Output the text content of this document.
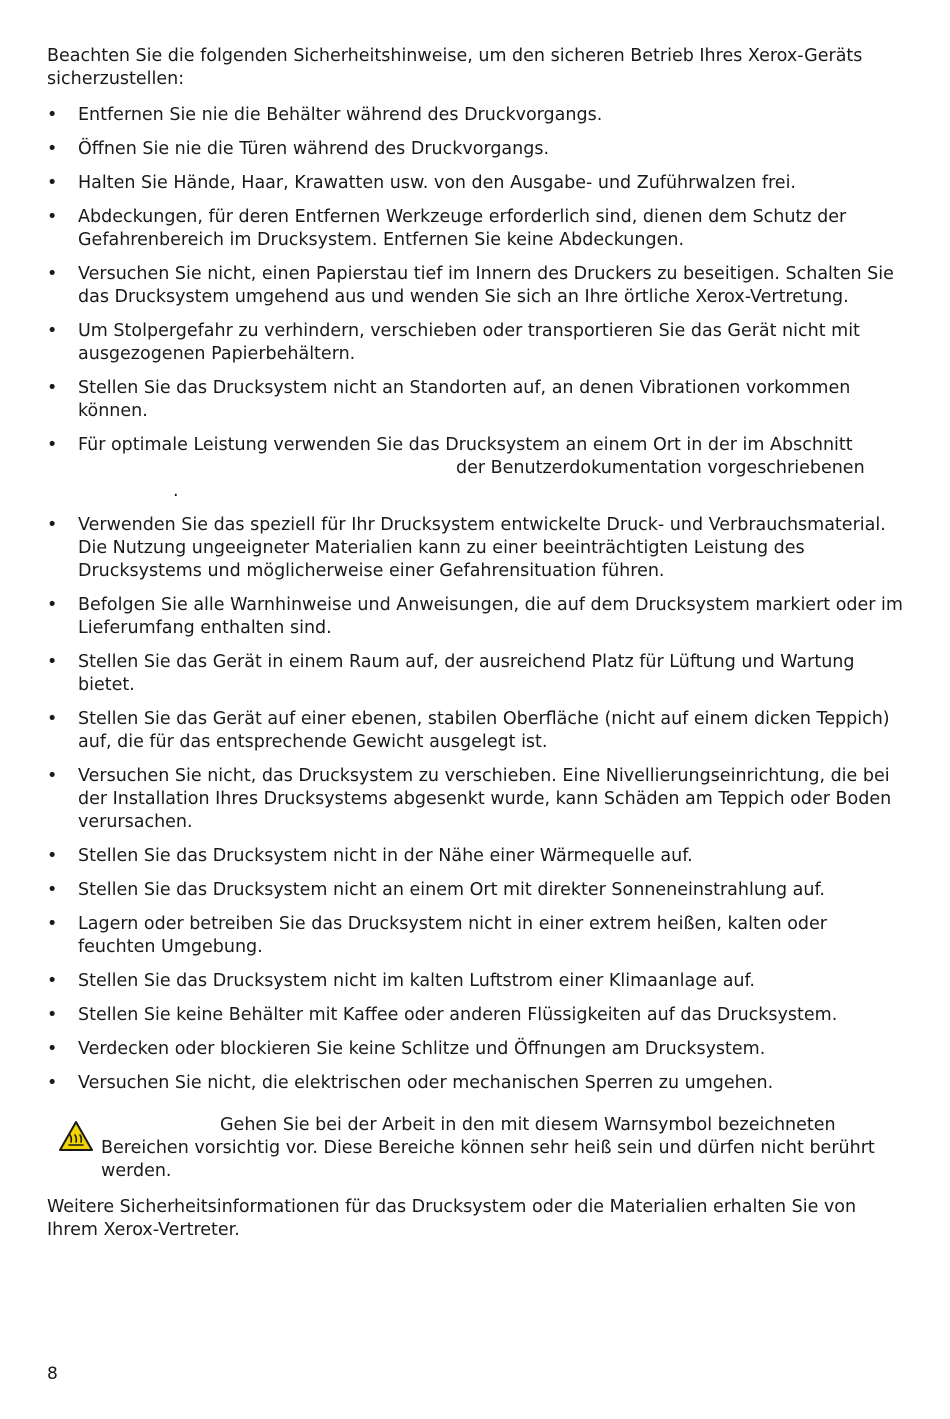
Beachten Sie die folgenden Sicherheitshinweise, um den sicheren Betrieb Ihres Xerox-Geräts sicherzustellen:

• Entfernen Sie nie die Behälter während des Druckvorgangs.
• Öffnen Sie nie die Türen während des Druckvorgangs.
• Halten Sie Hände, Haar, Krawatten usw. von den Ausgabe- und Zuführwalzen frei.
• Abdeckungen, für deren Entfernen Werkzeuge erforderlich sind, dienen dem Schutz der Gefahrenbereich im Drucksystem. Entfernen Sie keine Abdeckungen.
• Versuchen Sie nicht, einen Papierstau tief im Innern des Druckers zu beseitigen. Schalten Sie das Drucksystem umgehend aus und wenden Sie sich an Ihre örtliche Xerox-Vertretung.
• Um Stolpergefahr zu verhindern, verschieben oder transportieren Sie das Gerät nicht mit ausgezogenen Papierbehältern.
• Stellen Sie das Drucksystem nicht an Standorten auf, an denen Vibrationen vorkommen können.
• Für optimale Leistung verwenden Sie das Drucksystem an einem Ort in der im Abschnitt
der Benutzerdokumentation vorgeschriebenen
.
• Verwenden Sie das speziell für Ihr Drucksystem entwickelte Druck- und Verbrauchsmaterial. Die Nutzung ungeeigneter Materialien kann zu einer beeinträchtigten Leistung des Drucksystems und möglicherweise einer Gefahrensituation führen.
• Befolgen Sie alle Warnhinweise und Anweisungen, die auf dem Drucksystem markiert oder im Lieferumfang enthalten sind.
• Stellen Sie das Gerät in einem Raum auf, der ausreichend Platz für Lüftung und Wartung bietet.
• Stellen Sie das Gerät auf einer ebenen, stabilen Oberfläche (nicht auf einem dicken Teppich) auf, die für das entsprechende Gewicht ausgelegt ist.
• Versuchen Sie nicht, das Drucksystem zu verschieben. Eine Nivellierungseinrichtung, die bei der Installation Ihres Drucksystems abgesenkt wurde, kann Schäden am Teppich oder Boden verursachen.
• Stellen Sie das Drucksystem nicht in der Nähe einer Wärmequelle auf.
• Stellen Sie das Drucksystem nicht an einem Ort mit direkter Sonneneinstrahlung auf.
• Lagern oder betreiben Sie das Drucksystem nicht in einer extrem heißen, kalten oder feuchten Umgebung.
• Stellen Sie das Drucksystem nicht im kalten Luftstrom einer Klimaanlage auf.
• Stellen Sie keine Behälter mit Kaffee oder anderen Flüssigkeiten auf das Drucksystem.
• Verdecken oder blockieren Sie keine Schlitze und Öffnungen am Drucksystem.
• Versuchen Sie nicht, die elektrischen oder mechanischen Sperren zu umgehen.
Gehen Sie bei der Arbeit in den mit diesem Warnsymbol bezeichneten
Bereichen vorsichtig vor. Diese Bereiche können sehr heiß sein und dürfen nicht berührt werden.

Weitere Sicherheitsinformationen für das Drucksystem oder die Materialien erhalten Sie von Ihrem Xerox-Vertreter.

8
